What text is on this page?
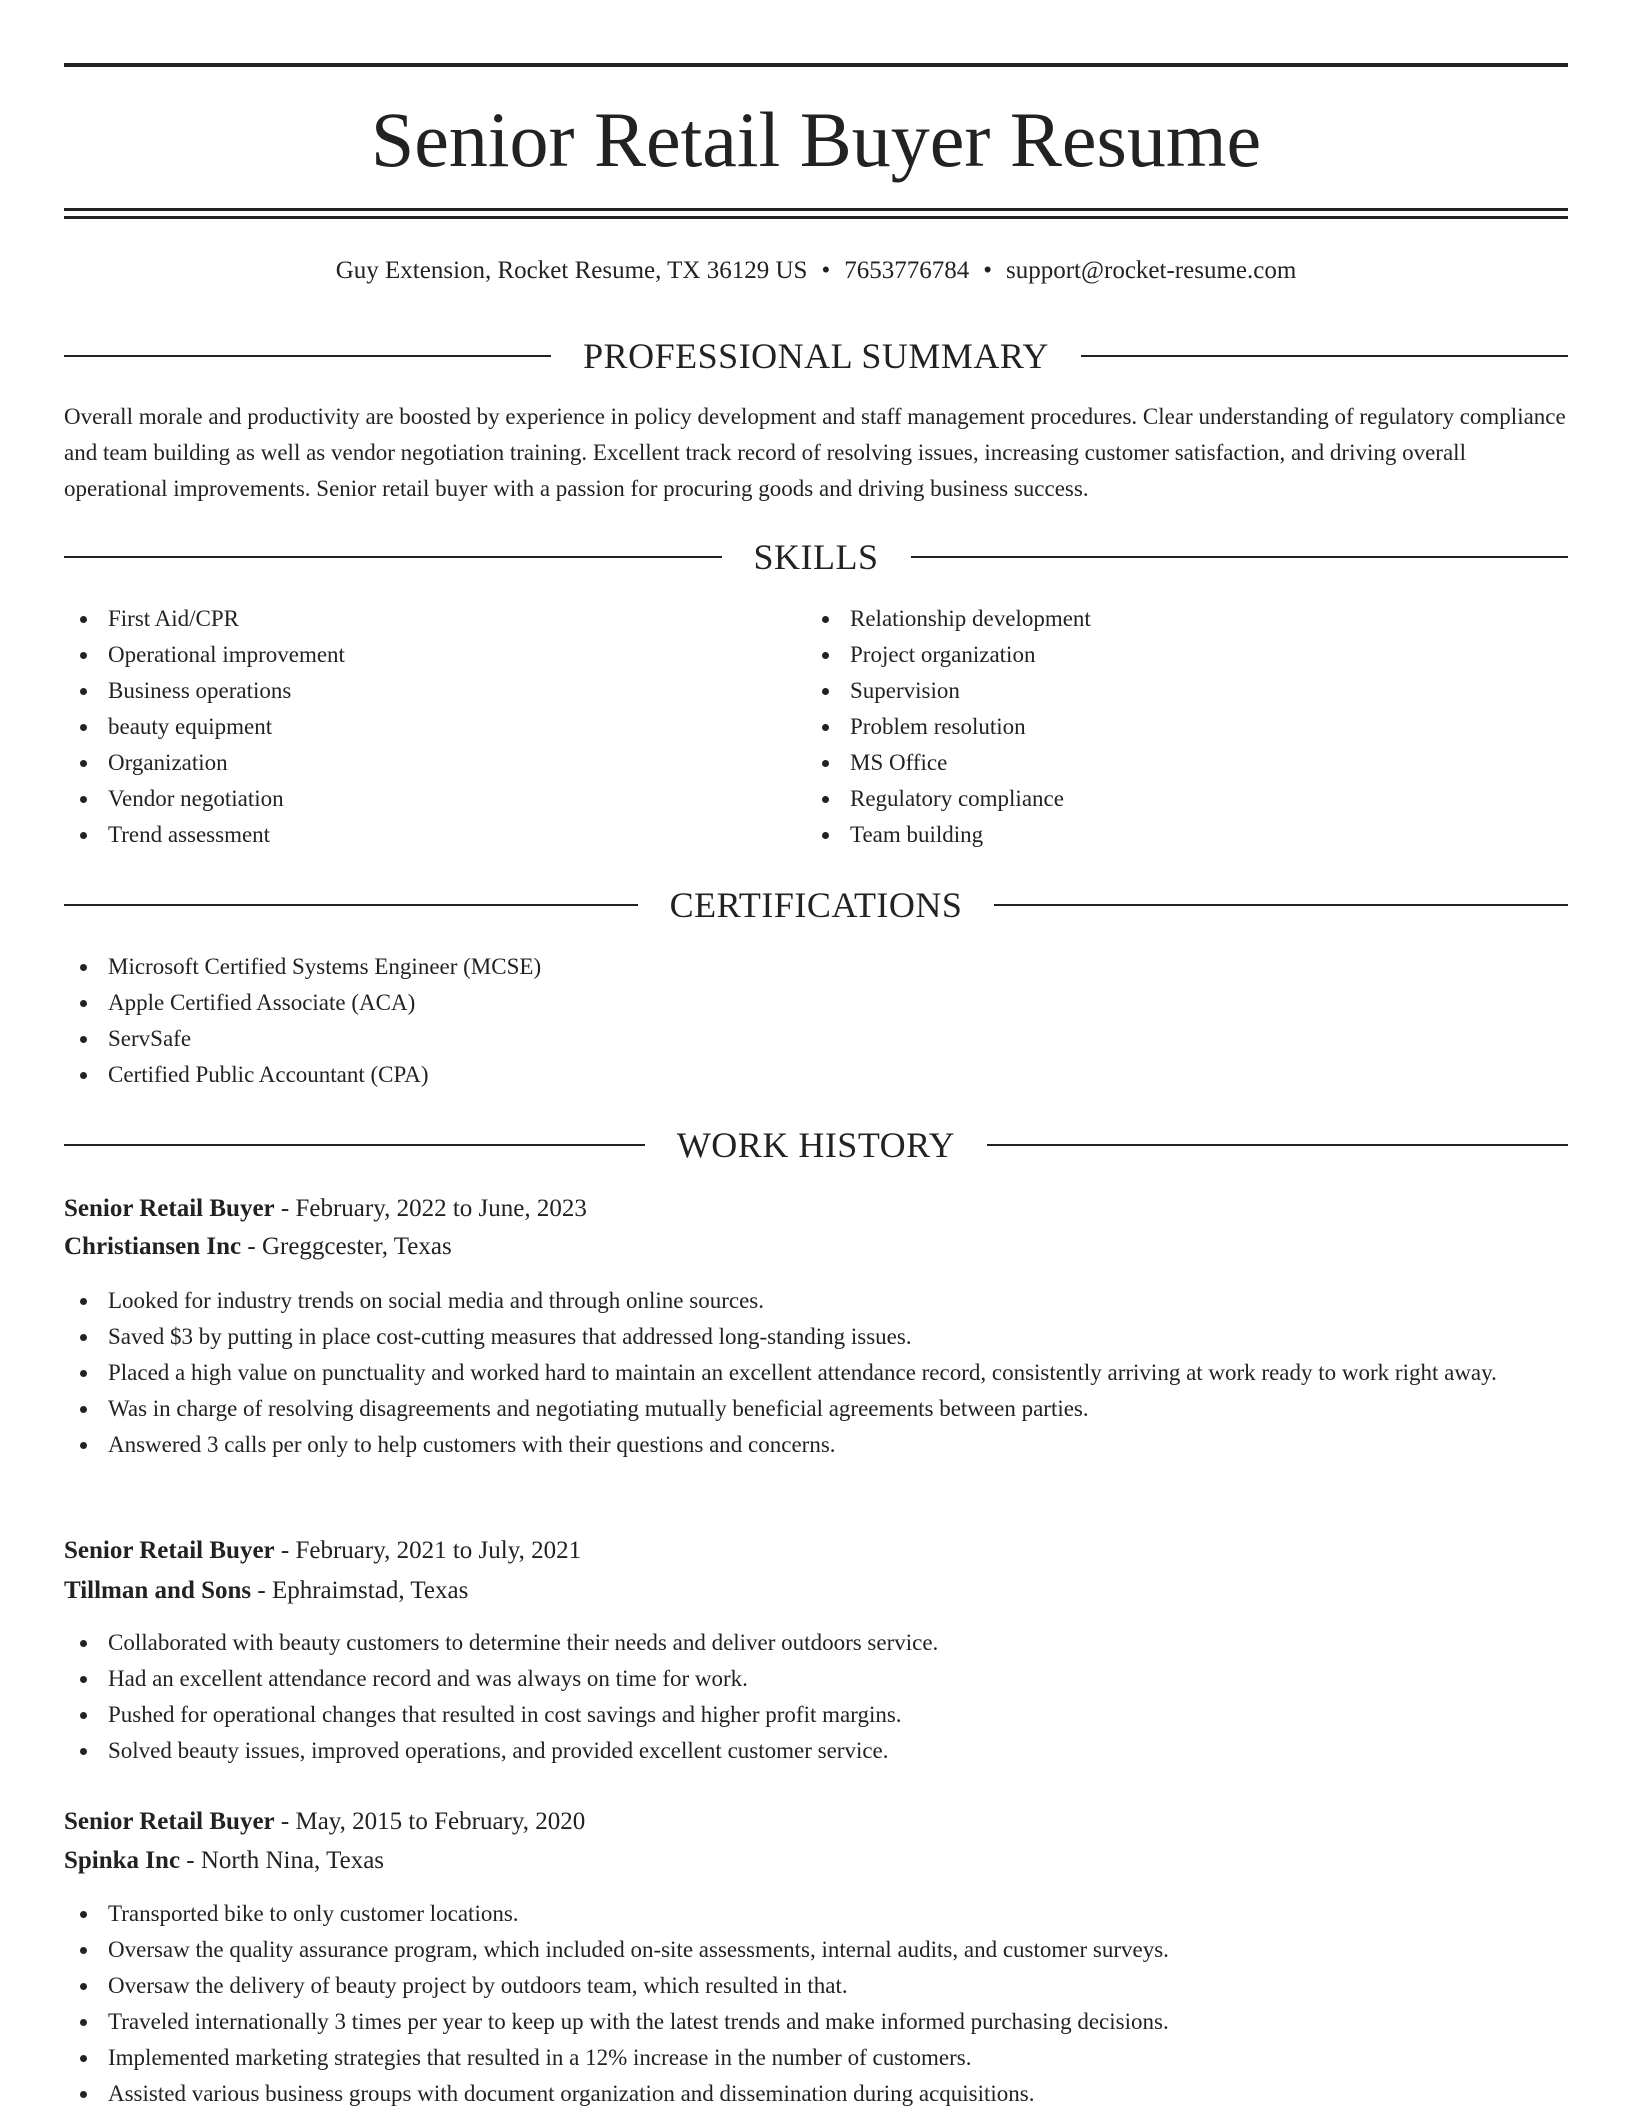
Senior Retail Buyer Resume
Guy Extension, Rocket Resume, TX 36129 US • 7653776784 • support@rocket-resume.com
PROFESSIONAL SUMMARY

Overall morale and productivity are boosted by experience in policy development and staff management procedures. Clear understanding of regulatory compliance and team building as well as vendor negotiation training. Excellent track record of resolving issues, increasing customer satisfaction, and driving overall operational improvements. Senior retail buyer with a passion for procuring goods and driving business success.

SKILLS
First Aid/CPR
Operational improvement
Business operations
beauty equipment
Organization
Vendor negotiation
Trend assessment
Relationship development
Project organization
Supervision
Problem resolution
MS Office
Regulatory compliance
Team building
CERTIFICATIONS
Microsoft Certified Systems Engineer (MCSE)
Apple Certified Associate (ACA)
ServSafe
Certified Public Accountant (CPA)
WORK HISTORY
Senior Retail Buyer - February, 2022 to June, 2023
Christiansen Inc - Greggcester, Texas
Looked for industry trends on social media and through online sources.
Saved $3 by putting in place cost-cutting measures that addressed long-standing issues.
Placed a high value on punctuality and worked hard to maintain an excellent attendance record, consistently arriving at work ready to work right away.
Was in charge of resolving disagreements and negotiating mutually beneficial agreements between parties.
Answered 3 calls per only to help customers with their questions and concerns.
Senior Retail Buyer - February, 2021 to July, 2021
Tillman and Sons - Ephraimstad, Texas
Collaborated with beauty customers to determine their needs and deliver outdoors service.
Had an excellent attendance record and was always on time for work.
Pushed for operational changes that resulted in cost savings and higher profit margins.
Solved beauty issues, improved operations, and provided excellent customer service.
Senior Retail Buyer - May, 2015 to February, 2020
Spinka Inc - North Nina, Texas
Transported bike to only customer locations.
Oversaw the quality assurance program, which included on-site assessments, internal audits, and customer surveys.
Oversaw the delivery of beauty project by outdoors team, which resulted in that.
Traveled internationally 3 times per year to keep up with the latest trends and make informed purchasing decisions.
Implemented marketing strategies that resulted in a 12% increase in the number of customers.
Assisted various business groups with document organization and dissemination during acquisitions.
